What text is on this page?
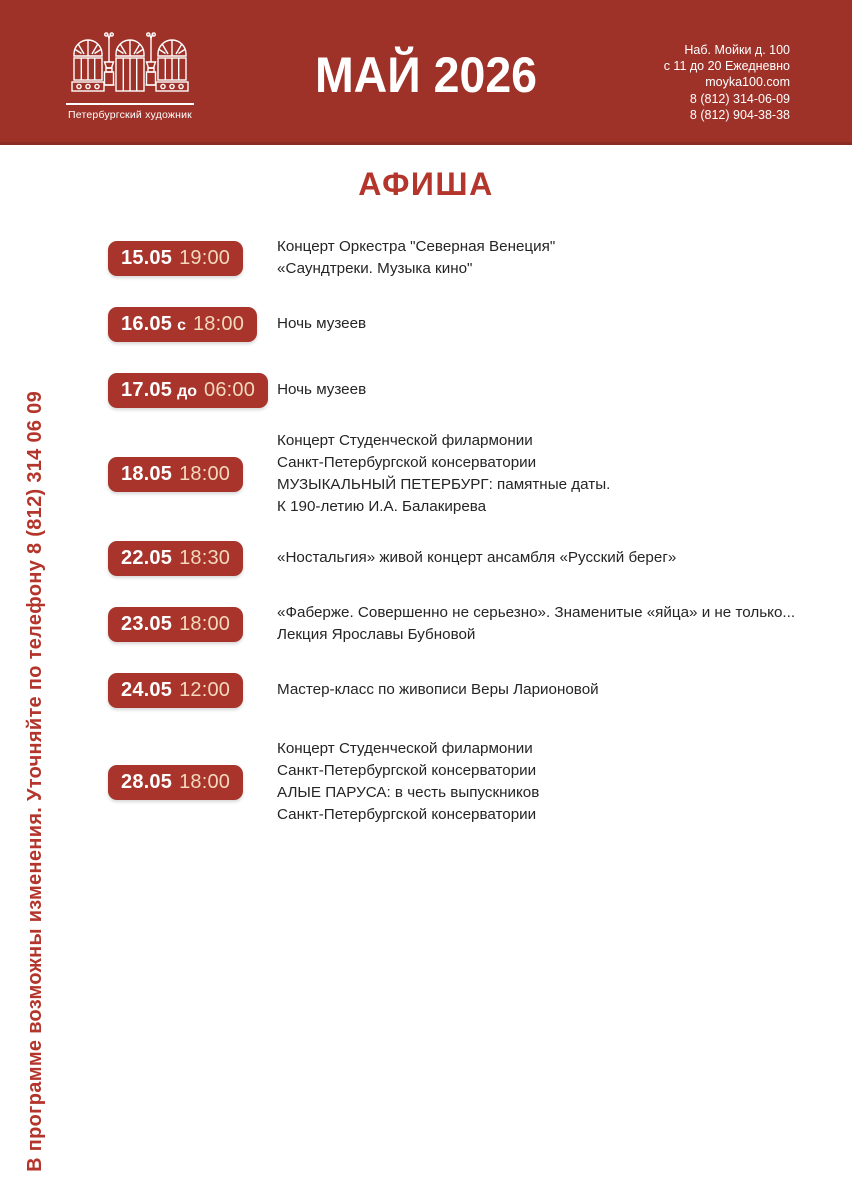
Петербургский художник
МАЙ 2026	Наб. Мойки д. 100
с 11 до 20 Ежедневно
moyka100.com
8 (812) 314-06-09
8 (812) 904-38-38
АФИША
В программе возможны изменения. Уточняйте по телефону 8 (812) 314 06 09
15.05 19:00	Концерт Оркестра "Северная Венеция"
«Саундтреки. Музыка кино"
16.05 с 18:00 Ночь музеев
17.05 до 06:00 Ночь музеев
18.05 18:00
Концерт Студенческой филармонии
Санкт-Петербургской консерватории
МУЗЫКАЛЬНЫЙ ПЕТЕРБУРГ: памятные даты.
К 190-летию И.А. Балакирева
22.05 18:30	«Ностальгия» живой концерт ансамбля «Русский берег»
23.05 18:00	«Фаберже. Совершенно не серьезно». Знаменитые «яйца» и не только...
Лекция Ярославы Бубновой
24.05 12:00	Мастер-класс по живописи Веры Ларионовой
28.05 18:00
Концерт Студенческой филармонии
Санкт-Петербургской консерватории
АЛЫЕ ПАРУСА: в честь выпускников
Санкт-Петербургской консерватории
